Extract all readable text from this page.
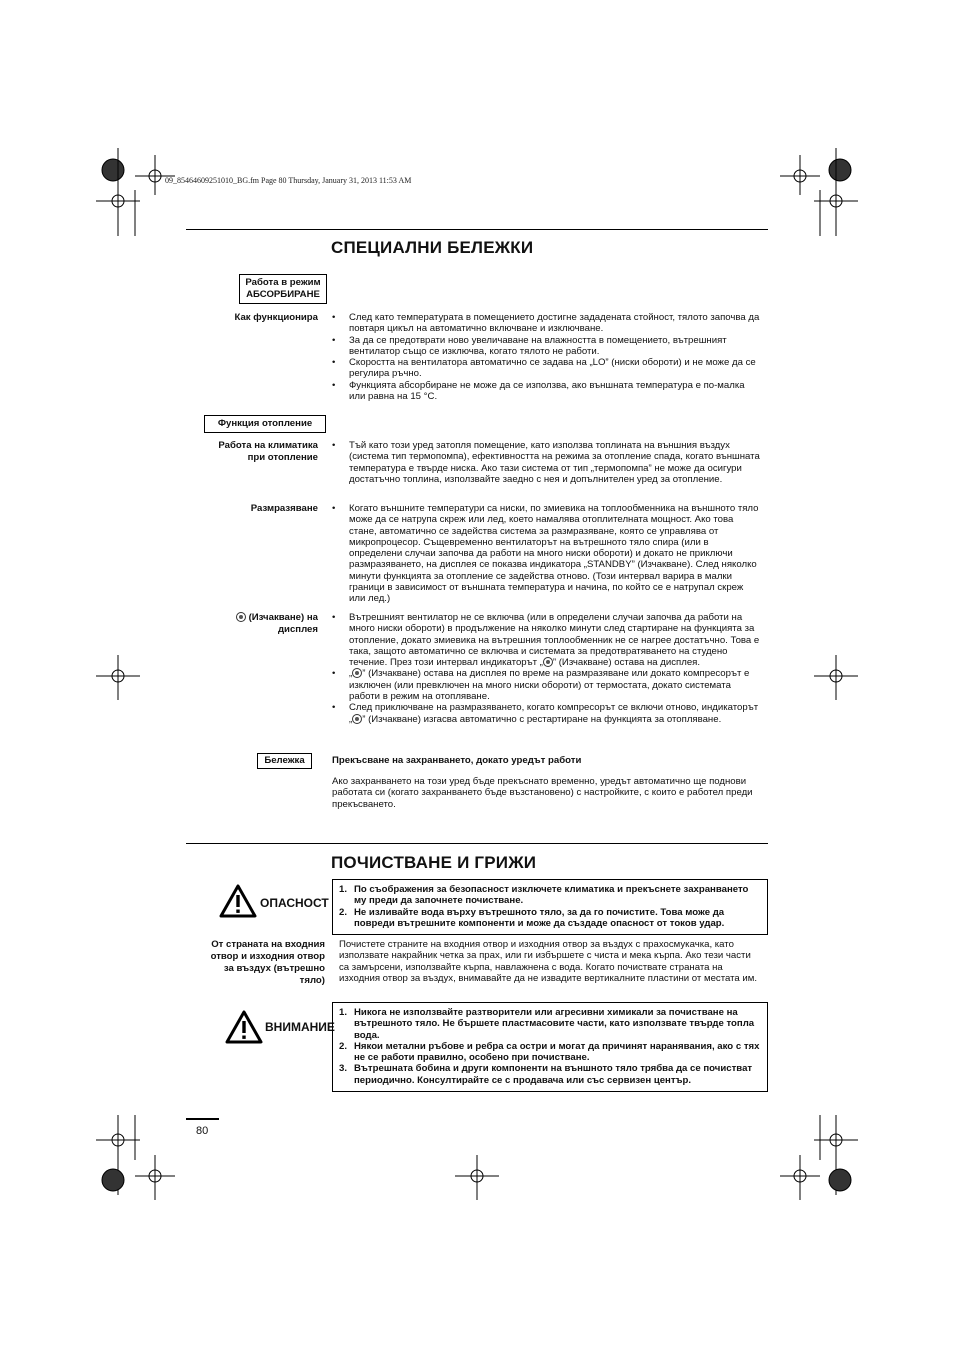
09_85464609251010_BG.fm Page 80 Thursday, January 31, 2013 11:53 AM
СПЕЦИАЛНИ БЕЛЕЖКИ
Работа в режим
АБСОРБИРАНЕ
Как функционира	• След като температурата в помещението достигне зададената стойност, тялото започва да повтаря цикъл на автоматично включване и изключване.
• За да се предотврати ново увеличаване на влажността в помещението, вътрешният вентилатор също се изключва, когато тялото не работи.
• Скоростта на вентилатора автоматично се задава на „LO” (ниски обороти) и не може да се регулира ръчно.
• Функцията абсорбиране не може да се използва, ако външната температура е по-малка или равна на 15 °C.
Функция отопление
Работа на климатика
при отопление
• Тъй като този уред затопля помещение, като използва топлината на външния въздух (система тип термопомпа), ефективността на режима за отопление спада, когато външната температура е твърде ниска. Ако тази система от тип „термопомпа” не може да осигури достатъчно топлина, използвайте заедно с нея и допълнителен уред за отопление.
Размразяване	• Когато външните температури са ниски, по змиевика на топлообменника на външното тяло може да се натрупа скреж или лед, което намалява отоплителната мощност. Ако това стане, автоматично се задейства система за размразяване, която се управлява от микропроцесор. Същевременно вентилаторът на вътрешното тяло спира (или в определени случаи започва да работи на много ниски обороти) и докато не приключи размразяването, на дисплея се показва индикатора „STANDBY” (Изчакване). След няколко минути функцията за отопление се задейства отново. (Този интервал варира в малки граници в зависимост от външната температура и начина, по който се е натрупал скреж или лед.)
(Изчакване) на
дисплея
• Вътрешният вентилатор не се включва (или в определени случаи започва да работи на много ниски обороти) в продължение на няколко минути след стартиране на функцията за отопление, докато змиевика на вътрешния топлообменник не се нагрее достатъчно. Това е така, защото автоматично се включва и системата за предотвратяването на студено течение. През този интервал индикаторът „ ” (Изчакване) остава на дисплея.
• „ ” (Изчакване) остава на дисплея по време на размразяване или докато компресорът е изключен (или превключен на много ниски обороти) от термостата, докато системата работи в режим на отопляване.
• След приключване на размразяването, когато компресорът се включи отново, индикаторът „ ” (Изчакване) изгасва автоматично с рестартиране на функцията за отопляване.
Бележка	Прекъсване на захранването, докато уредът работи
Ако захранването на този уред бъде прекъснато временно, уредът автоматично ще поднови работата си (когато захранването бъде възстановено) с настройките, с които е работел преди прекъсването.
ПОЧИСТВАНЕ И ГРИЖИ
ОПАСНОСТ
1. По съображения за безопасност изключете климатика и прекъснете захранването му преди да започнете почистване.
2. Не изливайте вода върху вътрешното тяло, за да го почистите. Това може да повреди вътрешните компоненти и може да създаде опасност от токов удар.
От страната на входния
отвор и изходния отвор
за въздух (вътрешно
тяло)
Почистете страните на входния отвор и изходния отвор за въздух с прахосмукачка, като използвате накрайник четка за прах, или ги избършете с чиста и мека кърпа. Ако тези части са замърсени, използвайте кърпа, навлажнена с вода. Когато почиствате страната на изходния отвор за въздух, внимавайте да не извадите вертикалните пластини от местата им.
ВНИМАНИЕ
1. Никога не използвайте разтворители или агресивни химикали за почистване на вътрешното тяло. Не бършете пластмасовите части, като използвате твърде топла вода.
2. Някои метални ръбове и ребра са остри и могат да причинят наранявания, ако с тях не се работи правилно, особено при почистване.
3. Вътрешната бобина и други компоненти на външното тяло трябва да се почистват периодично. Консултирайте се с продавача или със сервизен център.
80
